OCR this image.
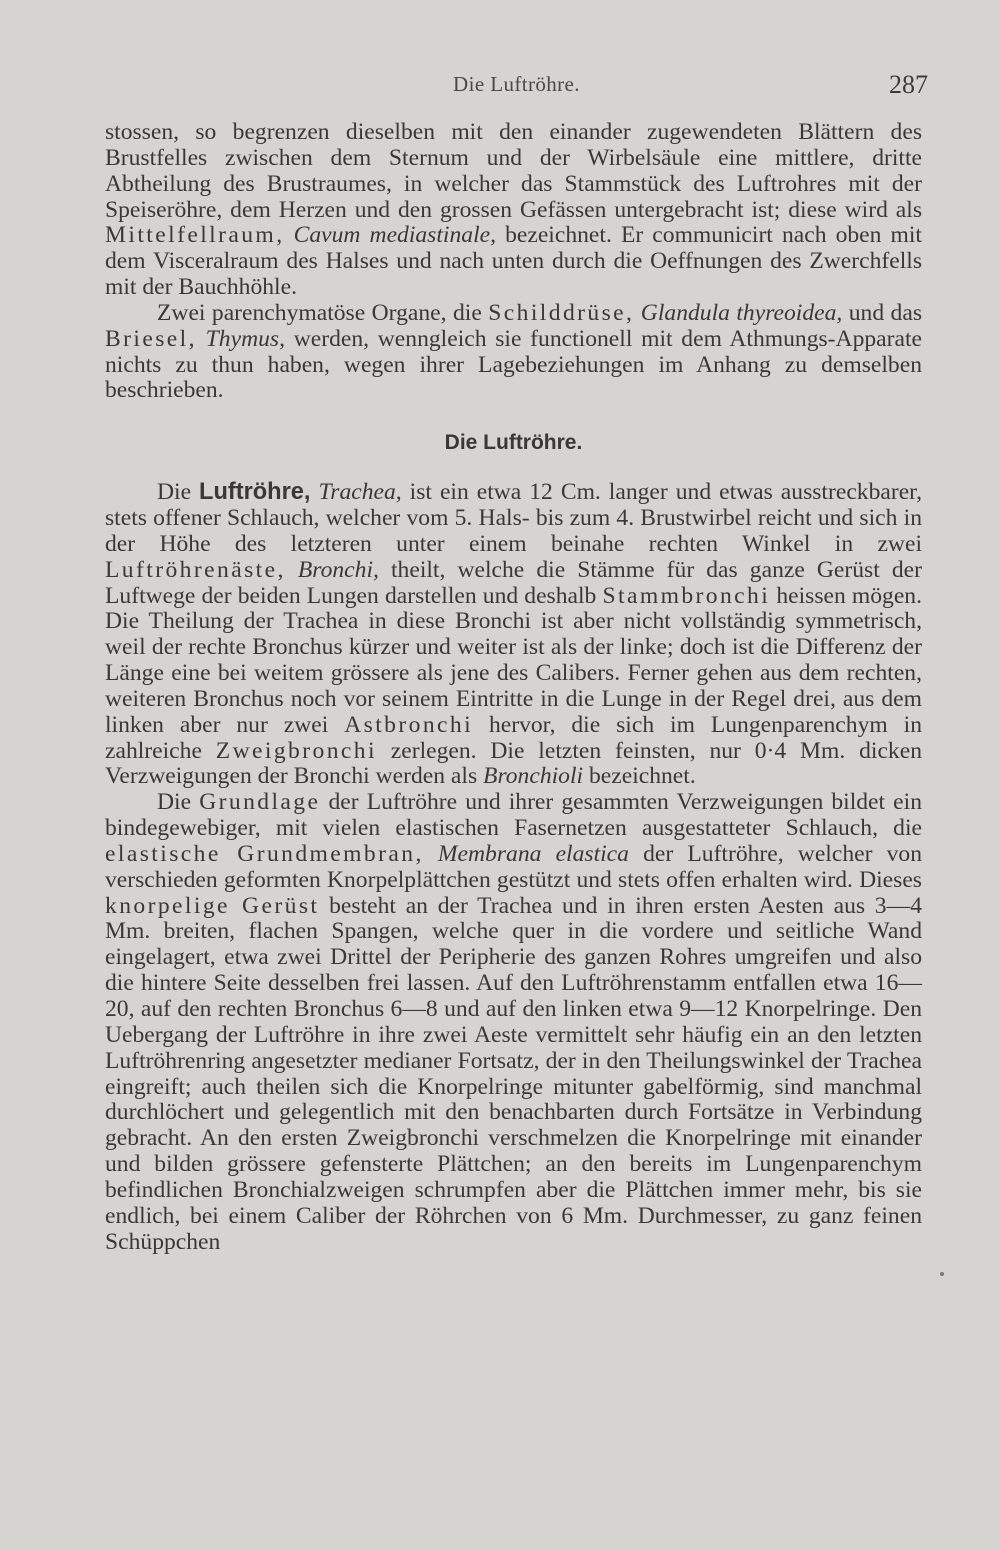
Die Luftröhre.	287

stossen, so begrenzen dieselben mit den einander zugewendeten Blättern des Brustfelles zwischen dem Sternum und der Wirbelsäule eine mittlere, dritte Abtheilung des Brustraumes, in welcher das Stammstück des Luftrohres mit der Speiseröhre, dem Herzen und den grossen Gefässen untergebracht ist; diese wird als Mittelfellraum, Cavum mediastinale, bezeichnet. Er communicirt nach oben mit dem Visceralraum des Halses und nach unten durch die Oeffnungen des Zwerchfells mit der Bauchhöhle.

Zwei parenchymatöse Organe, die Schilddrüse, Glandula thyreoidea, und das Briesel, Thymus, werden, wenngleich sie functionell mit dem Athmungs-Apparate nichts zu thun haben, wegen ihrer Lagebeziehungen im Anhang zu demselben beschrieben.

Die Luftröhre.

Die Luftröhre, Trachea, ist ein etwa 12 Cm. langer und etwas ausstreckbarer, stets offener Schlauch, welcher vom 5. Hals- bis zum 4. Brustwirbel reicht und sich in der Höhe des letzteren unter einem beinahe rechten Winkel in zwei Luftröhrenäste, Bronchi, theilt, welche die Stämme für das ganze Gerüst der Luftwege der beiden Lungen darstellen und deshalb Stammbronchi heissen mögen. Die Theilung der Trachea in diese Bronchi ist aber nicht vollständig symmetrisch, weil der rechte Bronchus kürzer und weiter ist als der linke; doch ist die Differenz der Länge eine bei weitem grössere als jene des Calibers. Ferner gehen aus dem rechten, weiteren Bronchus noch vor seinem Eintritte in die Lunge in der Regel drei, aus dem linken aber nur zwei Astbronchi hervor, die sich im Lungenparenchym in zahlreiche Zweigbronchi zerlegen. Die letzten feinsten, nur 0·4 Mm. dicken Verzweigungen der Bronchi werden als Bronchioli bezeichnet.

Die Grundlage der Luftröhre und ihrer gesammten Verzweigungen bildet ein bindegewebiger, mit vielen elastischen Fasernetzen ausgestatteter Schlauch, die elastische Grundmembran, Membrana elastica der Luftröhre, welcher von verschieden geformten Knorpelplättchen gestützt und stets offen erhalten wird. Dieses knorpelige Gerüst besteht an der Trachea und in ihren ersten Aesten aus 3—4 Mm. breiten, flachen Spangen, welche quer in die vordere und seitliche Wand eingelagert, etwa zwei Drittel der Peripherie des ganzen Rohres umgreifen und also die hintere Seite desselben frei lassen. Auf den Luftröhrenstamm entfallen etwa 16—20, auf den rechten Bronchus 6—8 und auf den linken etwa 9—12 Knorpelringe. Den Uebergang der Luftröhre in ihre zwei Aeste vermittelt sehr häufig ein an den letzten Luftröhrenring angesetzter medianer Fortsatz, der in den Theilungswinkel der Trachea eingreift; auch theilen sich die Knorpelringe mitunter gabelförmig, sind manchmal durchlöchert und gelegentlich mit den benachbarten durch Fortsätze in Verbindung gebracht. An den ersten Zweigbronchi verschmelzen die Knorpelringe mit einander und bilden grössere gefensterte Plättchen; an den bereits im Lungenparenchym befindlichen Bronchialzweigen schrumpfen aber die Plättchen immer mehr, bis sie endlich, bei einem Caliber der Röhrchen von 6 Mm. Durchmesser, zu ganz feinen Schüppchen
